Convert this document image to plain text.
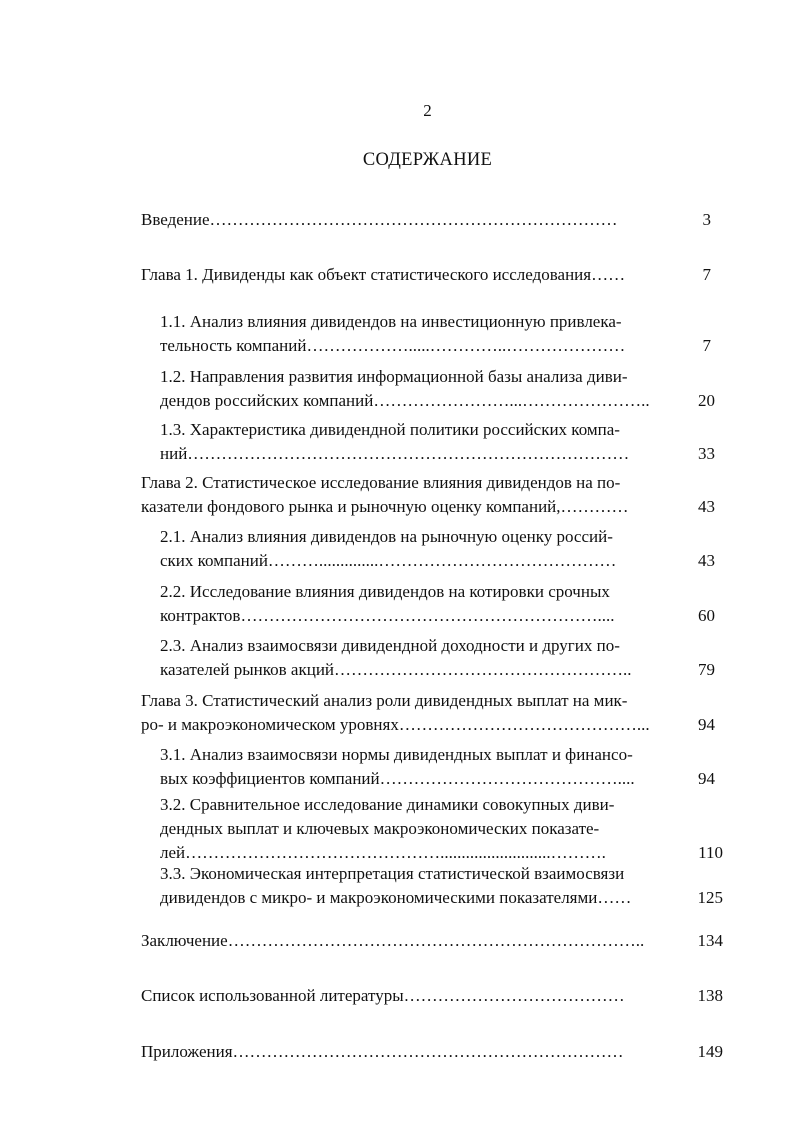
2
СОДЕРЖАНИЕ
Введение………………………………………………………………	3
Глава 1. Дивиденды как объект статистического исследования……	7
1.1. Анализ влияния дивидендов на инвестиционную привлека-
тельность компаний……………….....…………..…………………	7
1.2. Направления развития информационной базы анализа диви-
дендов российских компаний……………………...…………………..	20
1.3. Характеристика дивидендной политики российских компа-
ний……………………………………………………………………	33
Глава 2. Статистическое исследование влияния дивидендов на по-
казатели фондового рынка и рыночную оценку компаний,…………	43
2.1. Анализ влияния дивидендов на рыночную оценку россий-
ских компаний………..............……………………………………	43
2.2. Исследование влияния дивидендов на котировки срочных
контрактов………………………………………………………....	60
2.3. Анализ взаимосвязи дивидендной доходности и других по-
казателей рынков акций……………………………………………..	79
Глава 3. Статистический анализ роли дивидендных выплат на мик-
ро- и макроэкономическом уровнях……………………………………...	94
3.1. Анализ взаимосвязи нормы дивидендных выплат и финансо-
вых коэффициентов компаний……………………………………....	94
3.2. Сравнительное исследование динамики совокупных диви-
дендных выплат и ключевых макроэкономических показате-
лей………………………………………..........................……….	110
3.3. Экономическая интерпретация статистической взаимосвязи
дивидендов с микро- и макроэкономическими показателями……	125
Заключение………………………………………………………………..	134
Список использованной литературы…………………………………	138
Приложения……………………………………………………………	149
